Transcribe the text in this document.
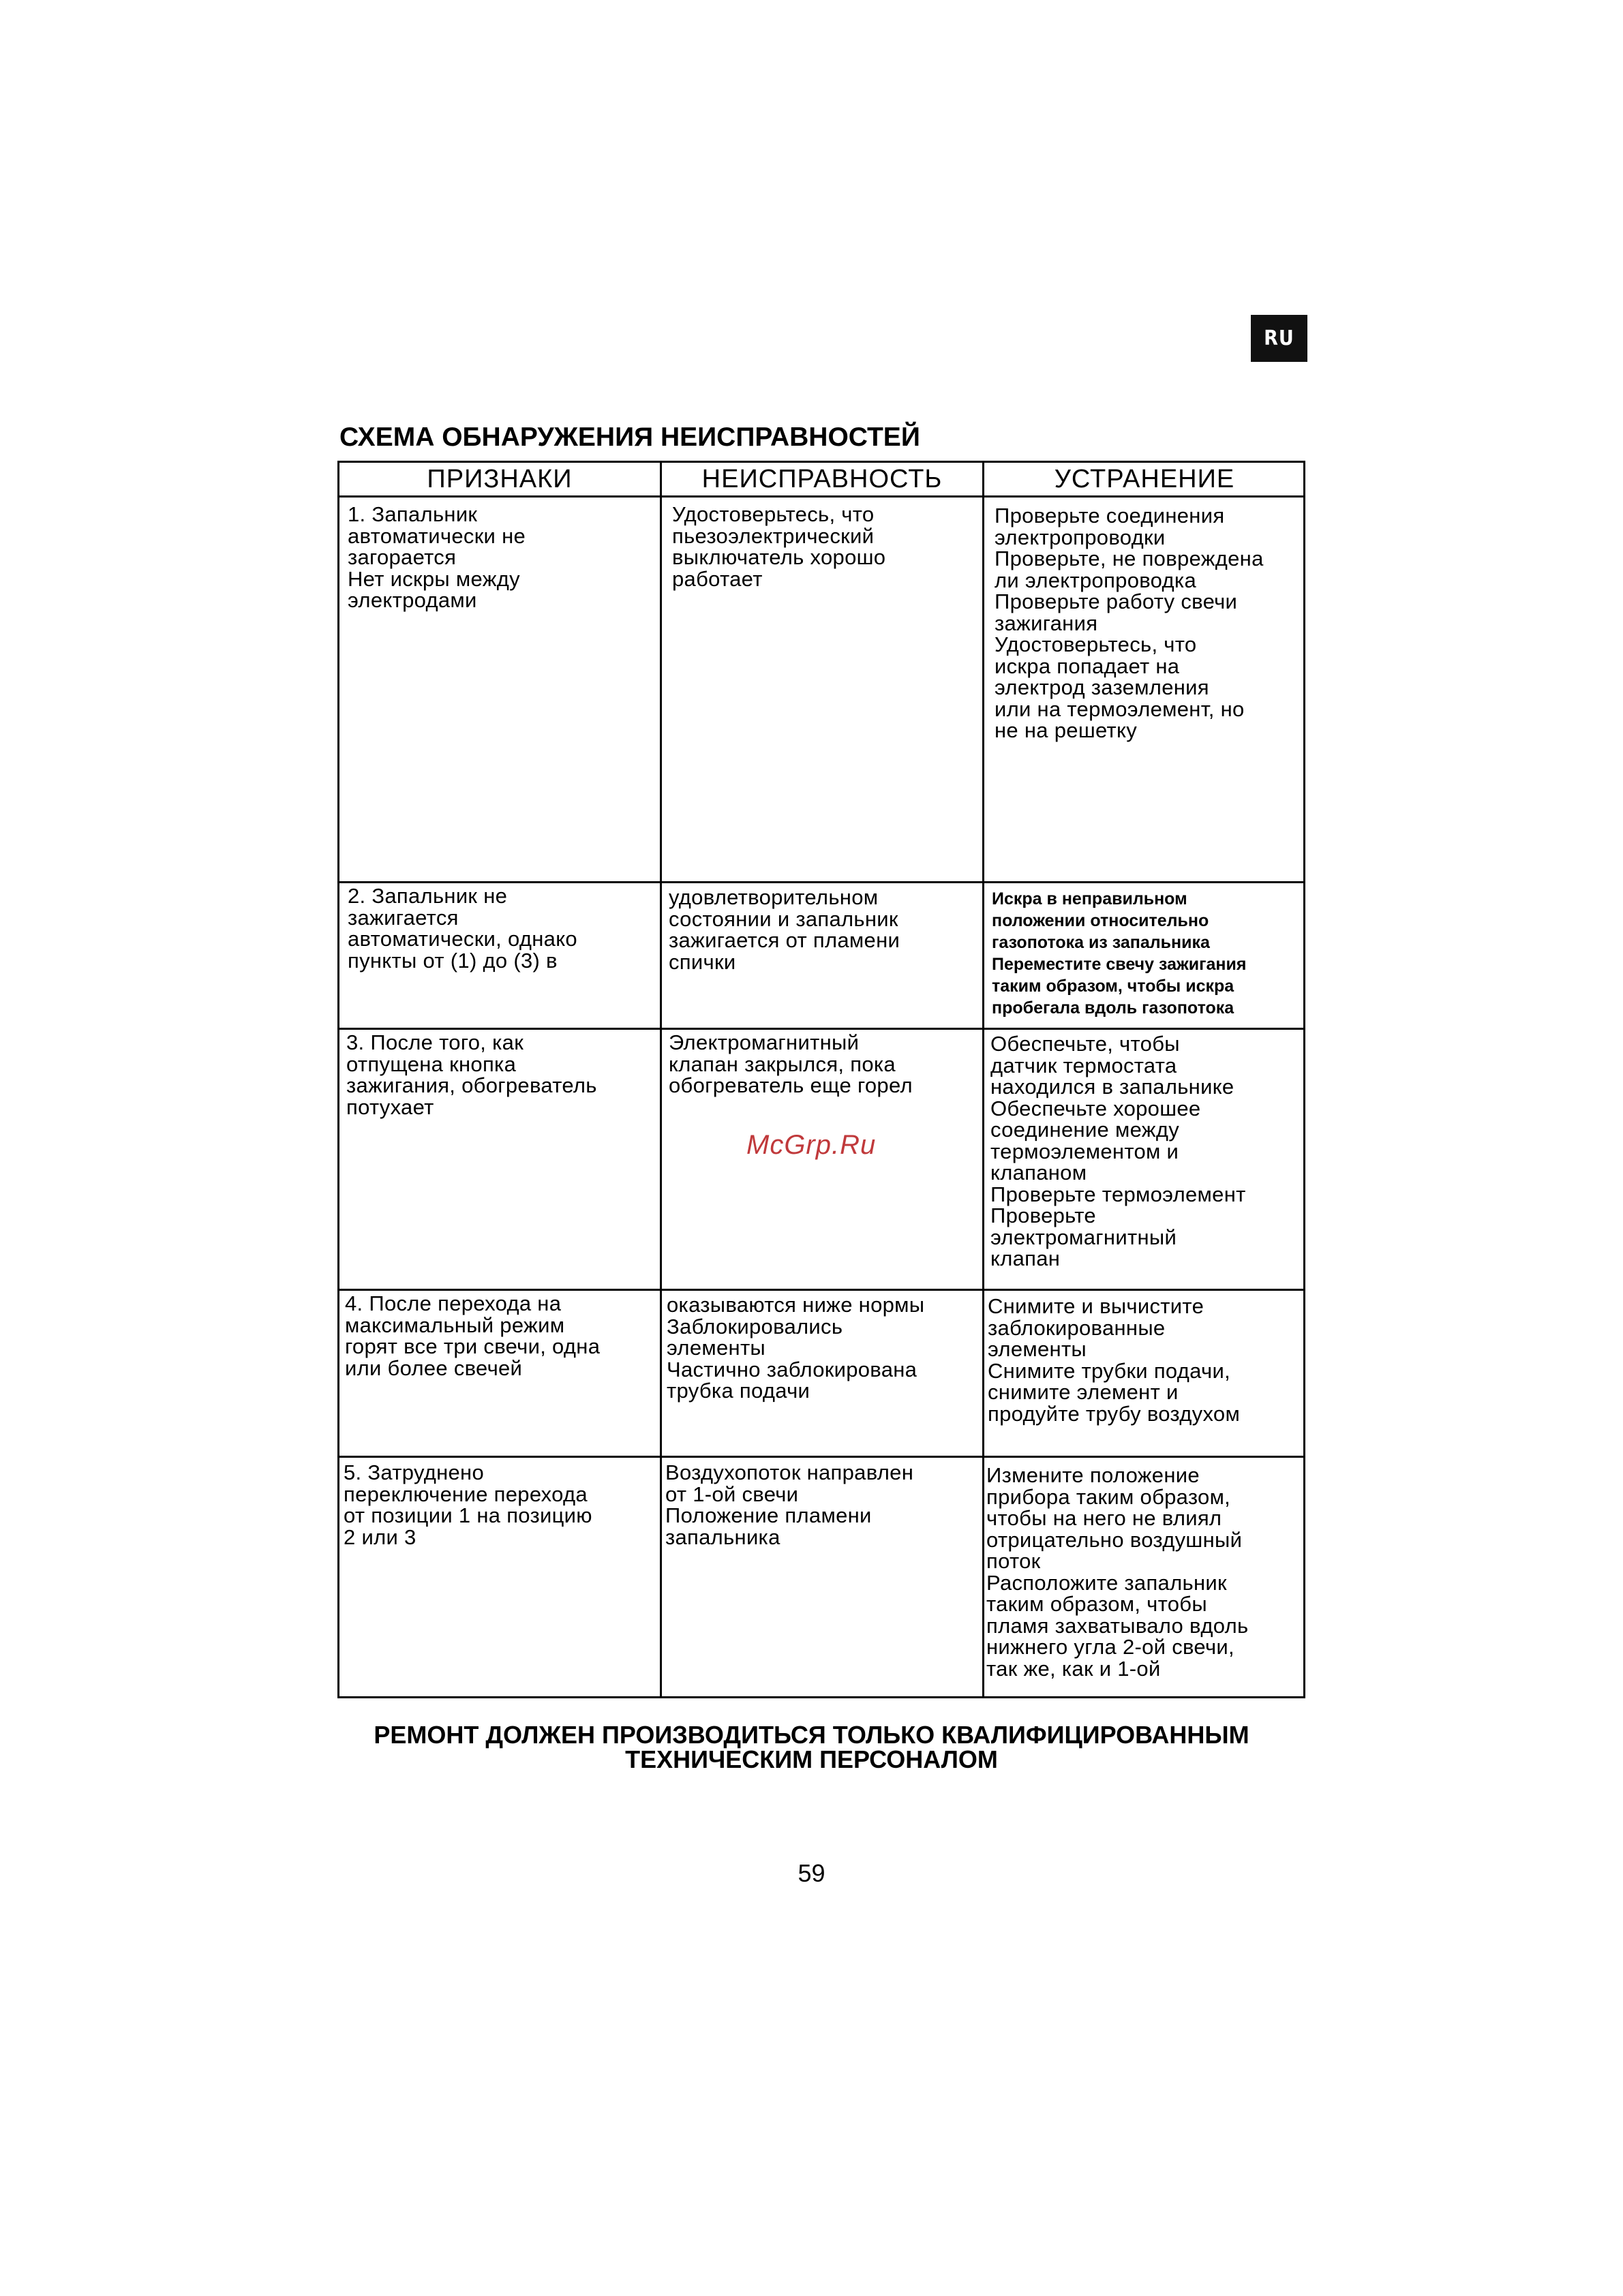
RU
СХЕМА ОБНАРУЖЕНИЯ НЕИСПРАВНОСТЕЙ
ПРИЗНАКИ	НЕИСПРАВНОСТЬ	УСТРАНЕНИЕ
1. Запальник
автоматически не
загорается
Нет искры между
электродами
Удостоверьтесь, что
пьезоэлектрический
выключатель хорошо
работает
Проверьте соединения
электропроводки
Проверьте, не повреждена
ли электропроводка
Проверьте работу свечи
зажигания
Удостоверьтесь, что
искра попадает на
электрод заземления
или на термоэлемент, но
не на решетку
2. Запальник не
зажигается
автоматически, однако
пункты от (1) до (3) в
удовлетворительном
состоянии и запальник
зажигается от пламени
спички
Искра в неправильном
положении относительно
газопотока из запальника
Переместите свечу зажигания
таким образом, чтобы искра
пробегала вдоль газопотока
3. После того, как
отпущена кнопка
зажигания, обогреватель
потухает
Электромагнитный
клапан закрылся, пока
обогреватель еще горел
Обеспечьте, чтобы
датчик термостата
находился в запальнике
Обеспечьте хорошее
соединение между
термоэлементом и
клапаном
Проверьте термоэлемент
Проверьте
электромагнитный
клапан
4. После перехода на
максимальный режим
горят все три свечи, одна
или более свечей
оказываются ниже нормы
Заблокировались
элементы
Частично заблокирована
трубка подачи
Снимите и вычистите
заблокированные
элементы
Снимите трубки подачи,
снимите элемент и
продуйте трубу воздухом
5. Затруднено
переключение перехода
от позиции 1 на позицию
2 или 3
Воздухопоток направлен
от 1-ой свечи
Положение пламени
запальника
Измените положение
прибора таким образом,
чтобы на него не влиял
отрицательно воздушный
поток
Расположите запальник
таким образом, чтобы
пламя захватывало вдоль
нижнего угла 2-ой свечи,
так же, как и 1-ой
McGrp.Ru
РЕМОНТ ДОЛЖЕН ПРОИЗВОДИТЬСЯ ТОЛЬКО КВАЛИФИЦИРОВАННЫМ
ТЕХНИЧЕСКИМ ПЕРСОНАЛОМ
59
